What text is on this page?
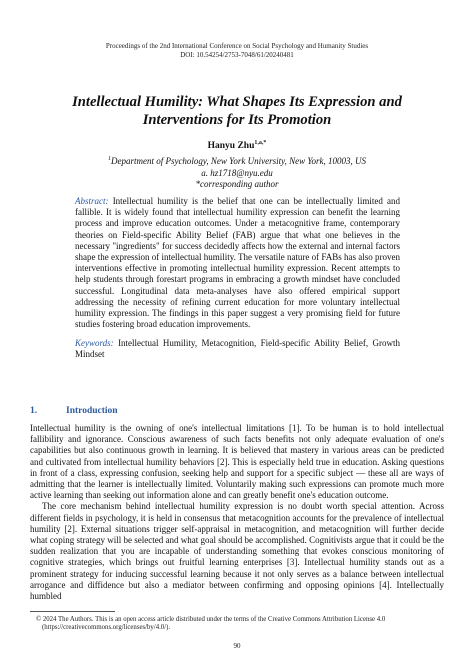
Proceedings of the 2nd International Conference on Social Psychology and Humanity Studies
DOI: 10.54254/2753-7048/61/20240481
Intellectual Humility: What Shapes Its Expression and Interventions for Its Promotion
Hanyu Zhu$^{1,a,*}$
$^1$Department of Psychology, New York University, New York, 10003, US
a. hz1718@nyu.edu
*corresponding author
Abstract: Intellectual humility is the belief that one can be intellectually limited and fallible. It is widely found that intellectual humility expression can benefit the learning process and improve education outcomes. Under a metacognitive frame, contemporary theories on Field-specific Ability Belief (FAB) argue that what one believes in the necessary "ingredients" for success decidedly affects how the external and internal factors shape the expression of intellectual humility. The versatile nature of FABs has also proven interventions effective in promoting intellectual humility expression. Recent attempts to help students through forestart programs in embracing a growth mindset have concluded successful. Longitudinal data meta-analyses have also offered empirical support addressing the necessity of refining current education for more voluntary intellectual humility expression. The findings in this paper suggest a very promising field for future studies fostering broad education improvements.
Keywords: Intellectual Humility, Metacognition, Field-specific Ability Belief, Growth Mindset
1.	Introduction

Intellectual humility is the owning of one's intellectual limitations [1]. To be human is to hold intellectual fallibility and ignorance. Conscious awareness of such facts benefits not only adequate evaluation of one's capabilities but also continuous growth in learning. It is believed that mastery in various areas can be predicted and cultivated from intellectual humility behaviors [2]. This is especially held true in education. Asking questions in front of a class, expressing confusion, seeking help and support for a specific subject — these all are ways of admitting that the learner is intellectually limited. Voluntarily making such expressions can promote much more active learning than seeking out information alone and can greatly benefit one's education outcome.

The core mechanism behind intellectual humility expression is no doubt worth special attention. Across different fields in psychology, it is held in consensus that metacognition accounts for the prevalence of intellectual humility [2]. External situations trigger self-appraisal in metacognition, and metacognition will further decide what coping strategy will be selected and what goal should be accomplished. Cognitivists argue that it could be the sudden realization that you are incapable of understanding something that evokes conscious monitoring of cognitive strategies, which brings out fruitful learning enterprises [3]. Intellectual humility stands out as a prominent strategy for inducing successful learning because it not only serves as a balance between intellectual arrogance and diffidence but also a mediator between confirming and opposing opinions [4]. Intellectually humbled

© 2024 The Authors. This is an open access article distributed under the terms of the Creative Commons Attribution License 4.0
(https://creativecommons.org/licenses/by/4.0/).
90
